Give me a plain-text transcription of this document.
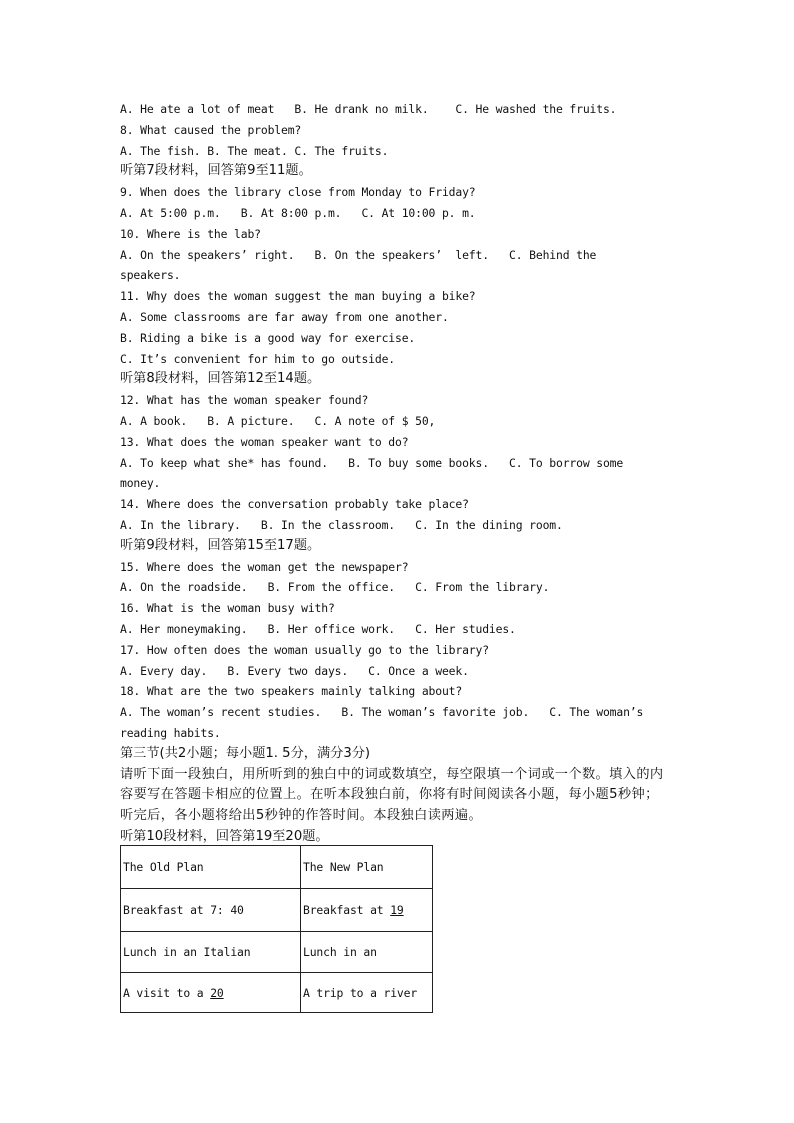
A. He ate a lot of meat   B. He drank no milk.    C. He washed the fruits.
8. What caused the problem?
A. The fish. B. The meat. C. The fruits.
听第7段材料，回答第9至11题。
9. When does the library close from Monday to Friday?
A. At 5:00 p.m.   B. At 8:00 p.m.   C. At 10:00 p. m.
10. Where is the lab?
A. On the speakers’ right.   B. On the speakers’  left.   C. Behind the
speakers.
11. Why does the woman suggest the man buying a bike?
A. Some classrooms are far away from one another.
B. Riding a bike is a good way for exercise.
C. It’s convenient for him to go outside.
听第8段材料，回答第12至14题。
12. What has the woman speaker found?
A. A book.   B. A picture.   C. A note of $ 50,
13. What does the woman speaker want to do?
A. To keep what she* has found.   B. To buy some books.   C. To borrow some
money.
14. Where does the conversation probably take place?
A. In the library.   B. In the classroom.   C. In the dining room.
听第9段材料，回答第15至17题。
15. Where does the woman get the newspaper?
A. On the roadside.   B. From the office.   C. From the library.
16. What is the woman busy with?
A. Her moneymaking.   B. Her office work.   C. Her studies.
17. How often does the woman usually go to the library?
A. Every day.   B. Every two days.   C. Once a week.
18. What are the two speakers mainly talking about?
A. The woman’s recent studies.   B. The woman’s favorite job.   C. The woman’s
reading habits.
第三节(共2小题；每小题1. 5分，满分3分)
请听下面一段独白，用所听到的独白中的词或数填空，每空限填一个词或一个数。填入的内容要写在答题卡相应的位置上。在听本段独白前，你将有时间阅读各小题，每小题5秒钟；听完后，各小题将给出5秒钟的作答时间。本段独白读两遍。
听第10段材料，回答第19至20题。
The Old Plan	The New Plan
Breakfast at 7: 40	Breakfast at 19
Lunch in an Italian	Lunch in an
A visit to a 20	A trip to a river
